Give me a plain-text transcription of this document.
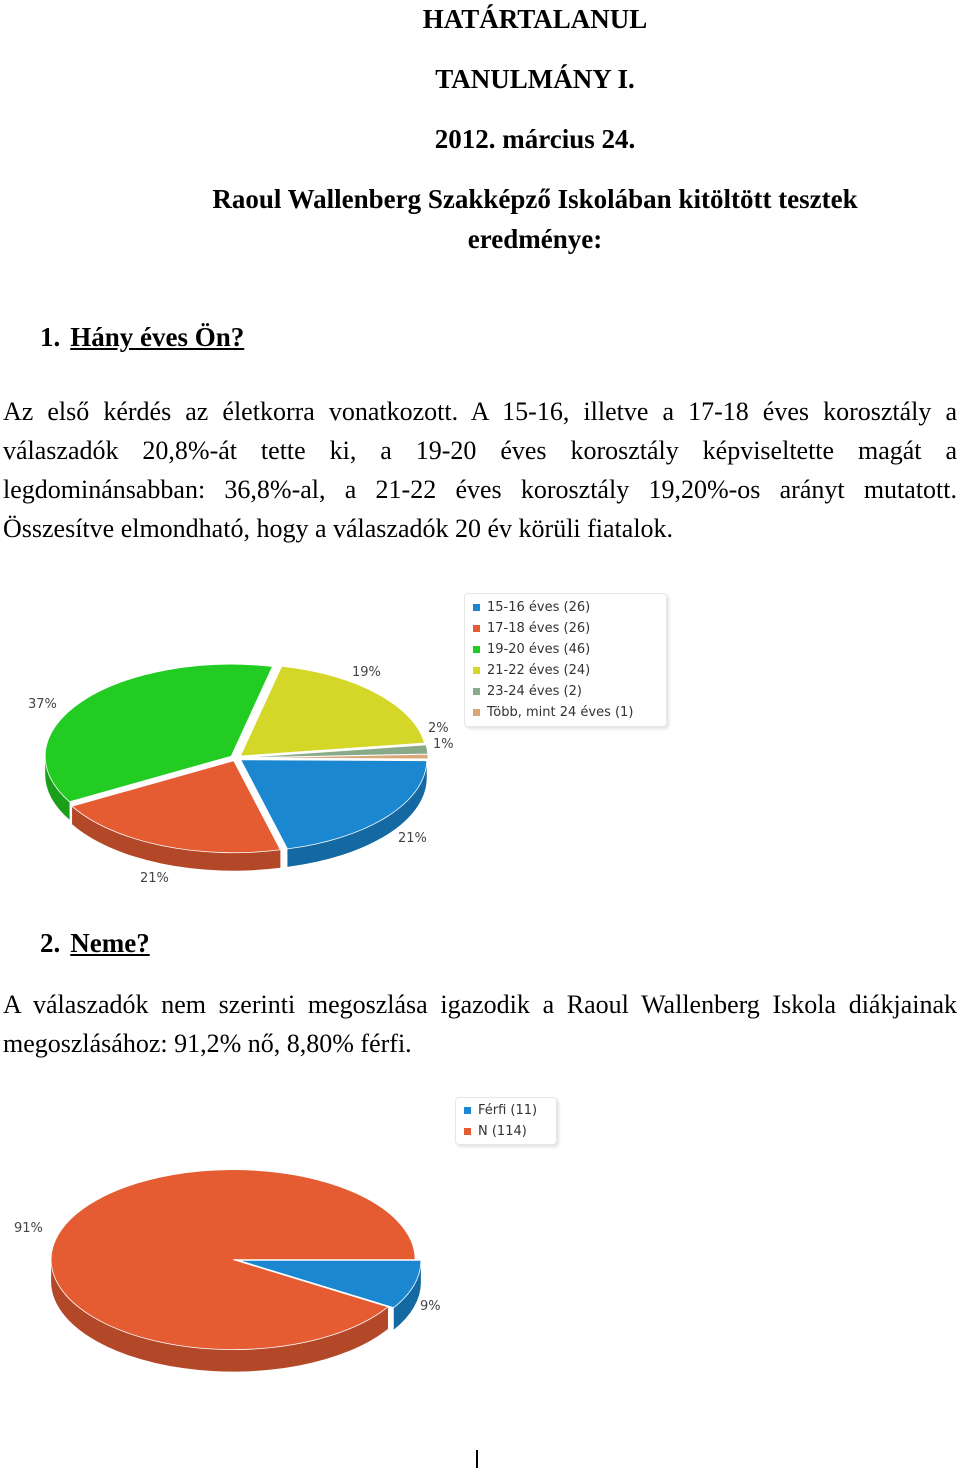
HATÁRTALANUL
TANULMÁNY I.
2012. március 24.
Raoul Wallenberg Szakképző Iskolában kitöltött tesztek
eredménye:
1. Hány éves Ön?
Az első kérdés az életkorra vonatkozott. A 15-16, illetve a 17-18 éves korosztály a válaszadók 20,8%-át tette ki, a 19-20 éves korosztály képviseltette magát a legdominánsabban: 36,8%-al, a 21-22 éves korosztály 19,20%-os arányt mutatott. Összesítve elmondható, hogy a válaszadók 20 év körüli fiatalok.
15-16 éves (26)
17-18 éves (26)
19-20 éves (46)
21-22 éves (24)
23-24 éves (2)
Több, mint 24 éves (1)
21%
21%
37%
19%
2%
1%
2. Neme?
A válaszadók nem szerinti megoszlása igazodik a Raoul Wallenberg Iskola diákjainak megoszlásához: 91,2% nő, 8,80% férfi.
Férfi (11)
N (114)
9%
91%
